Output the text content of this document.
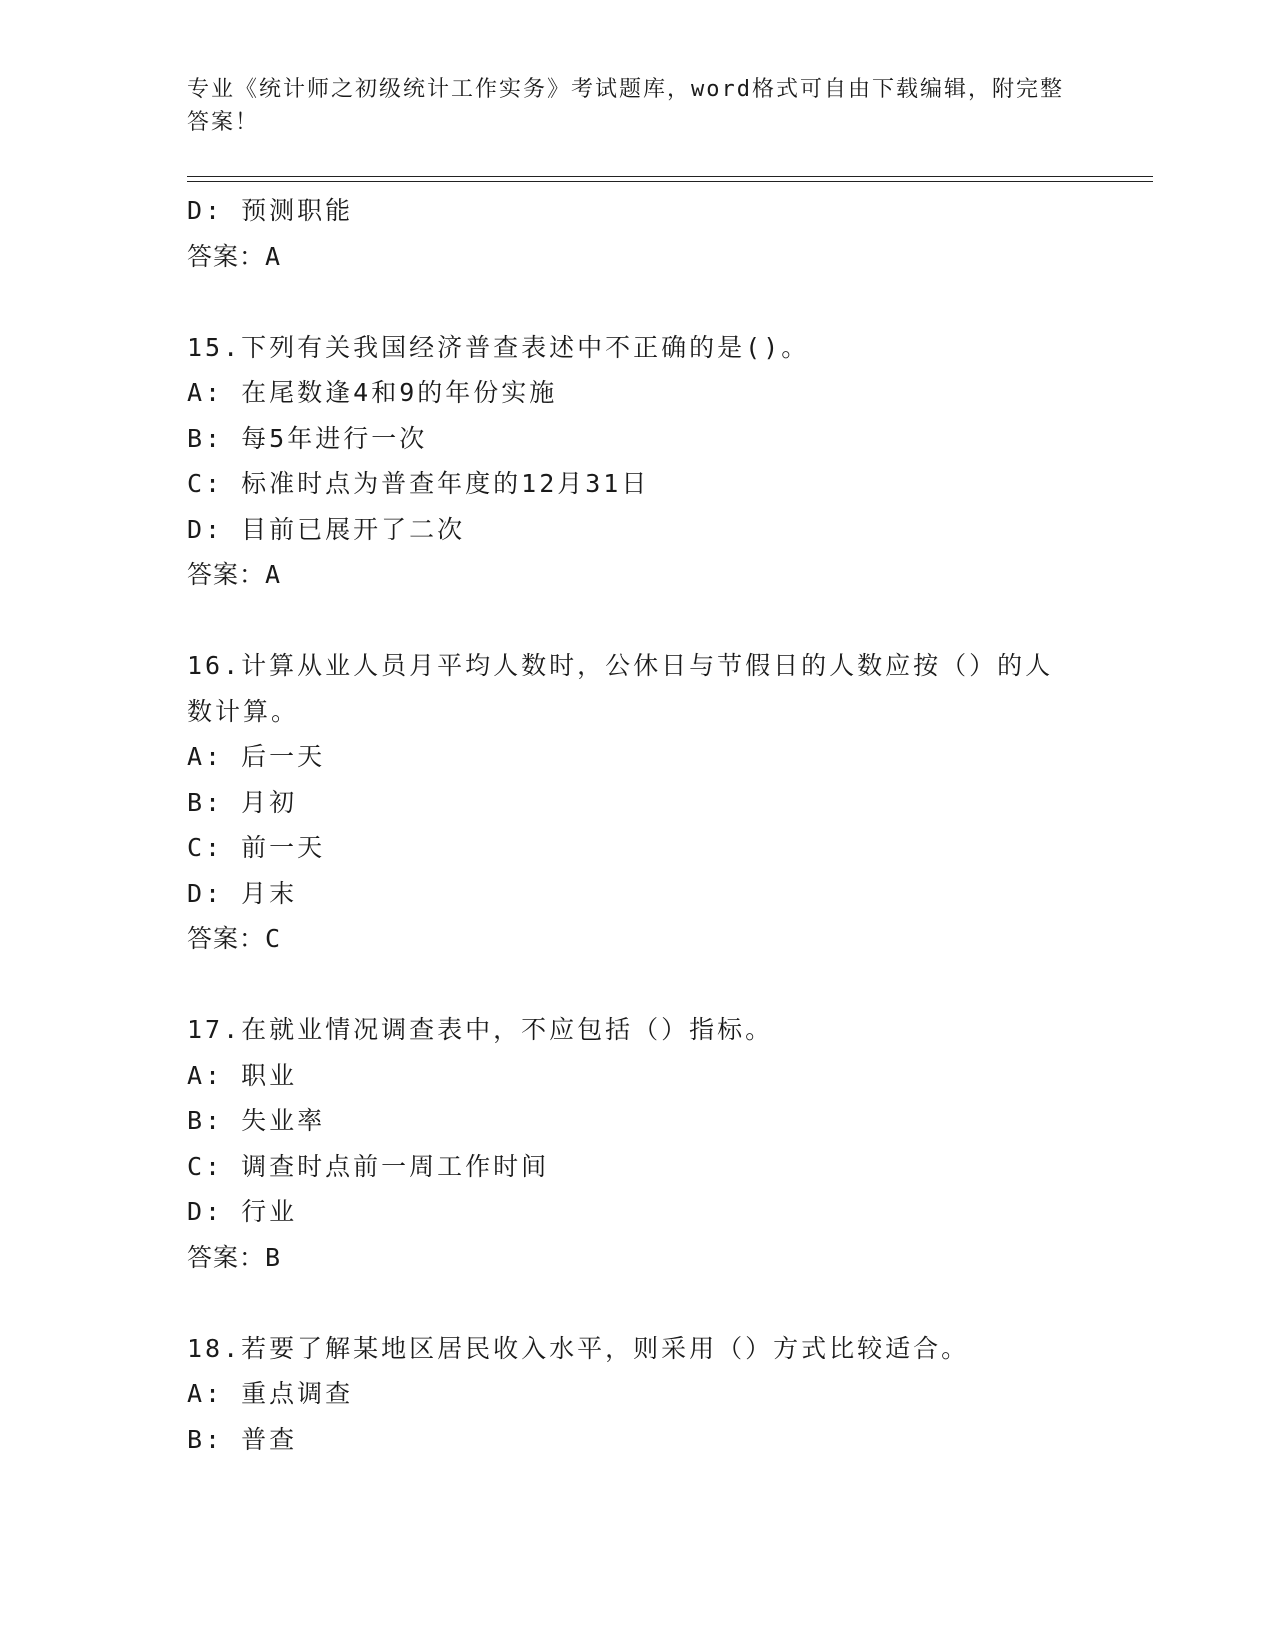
专业《统计师之初级统计工作实务》考试题库，word格式可自由下载编辑，附完整答案！
D: 预测职能
答案：A
15.下列有关我国经济普查表述中不正确的是()。
A: 在尾数逢4和9的年份实施
B: 每5年进行一次
C: 标准时点为普查年度的12月31日
D: 目前已展开了二次
答案：A
16.计算从业人员月平均人数时，公休日与节假日的人数应按（）的人数计算。
A: 后一天
B: 月初
C: 前一天
D: 月末
答案：C
17.在就业情况调查表中，不应包括（）指标。
A: 职业
B: 失业率
C: 调查时点前一周工作时间
D: 行业
答案：B
18.若要了解某地区居民收入水平，则采用（）方式比较适合。
A: 重点调查
B: 普查
